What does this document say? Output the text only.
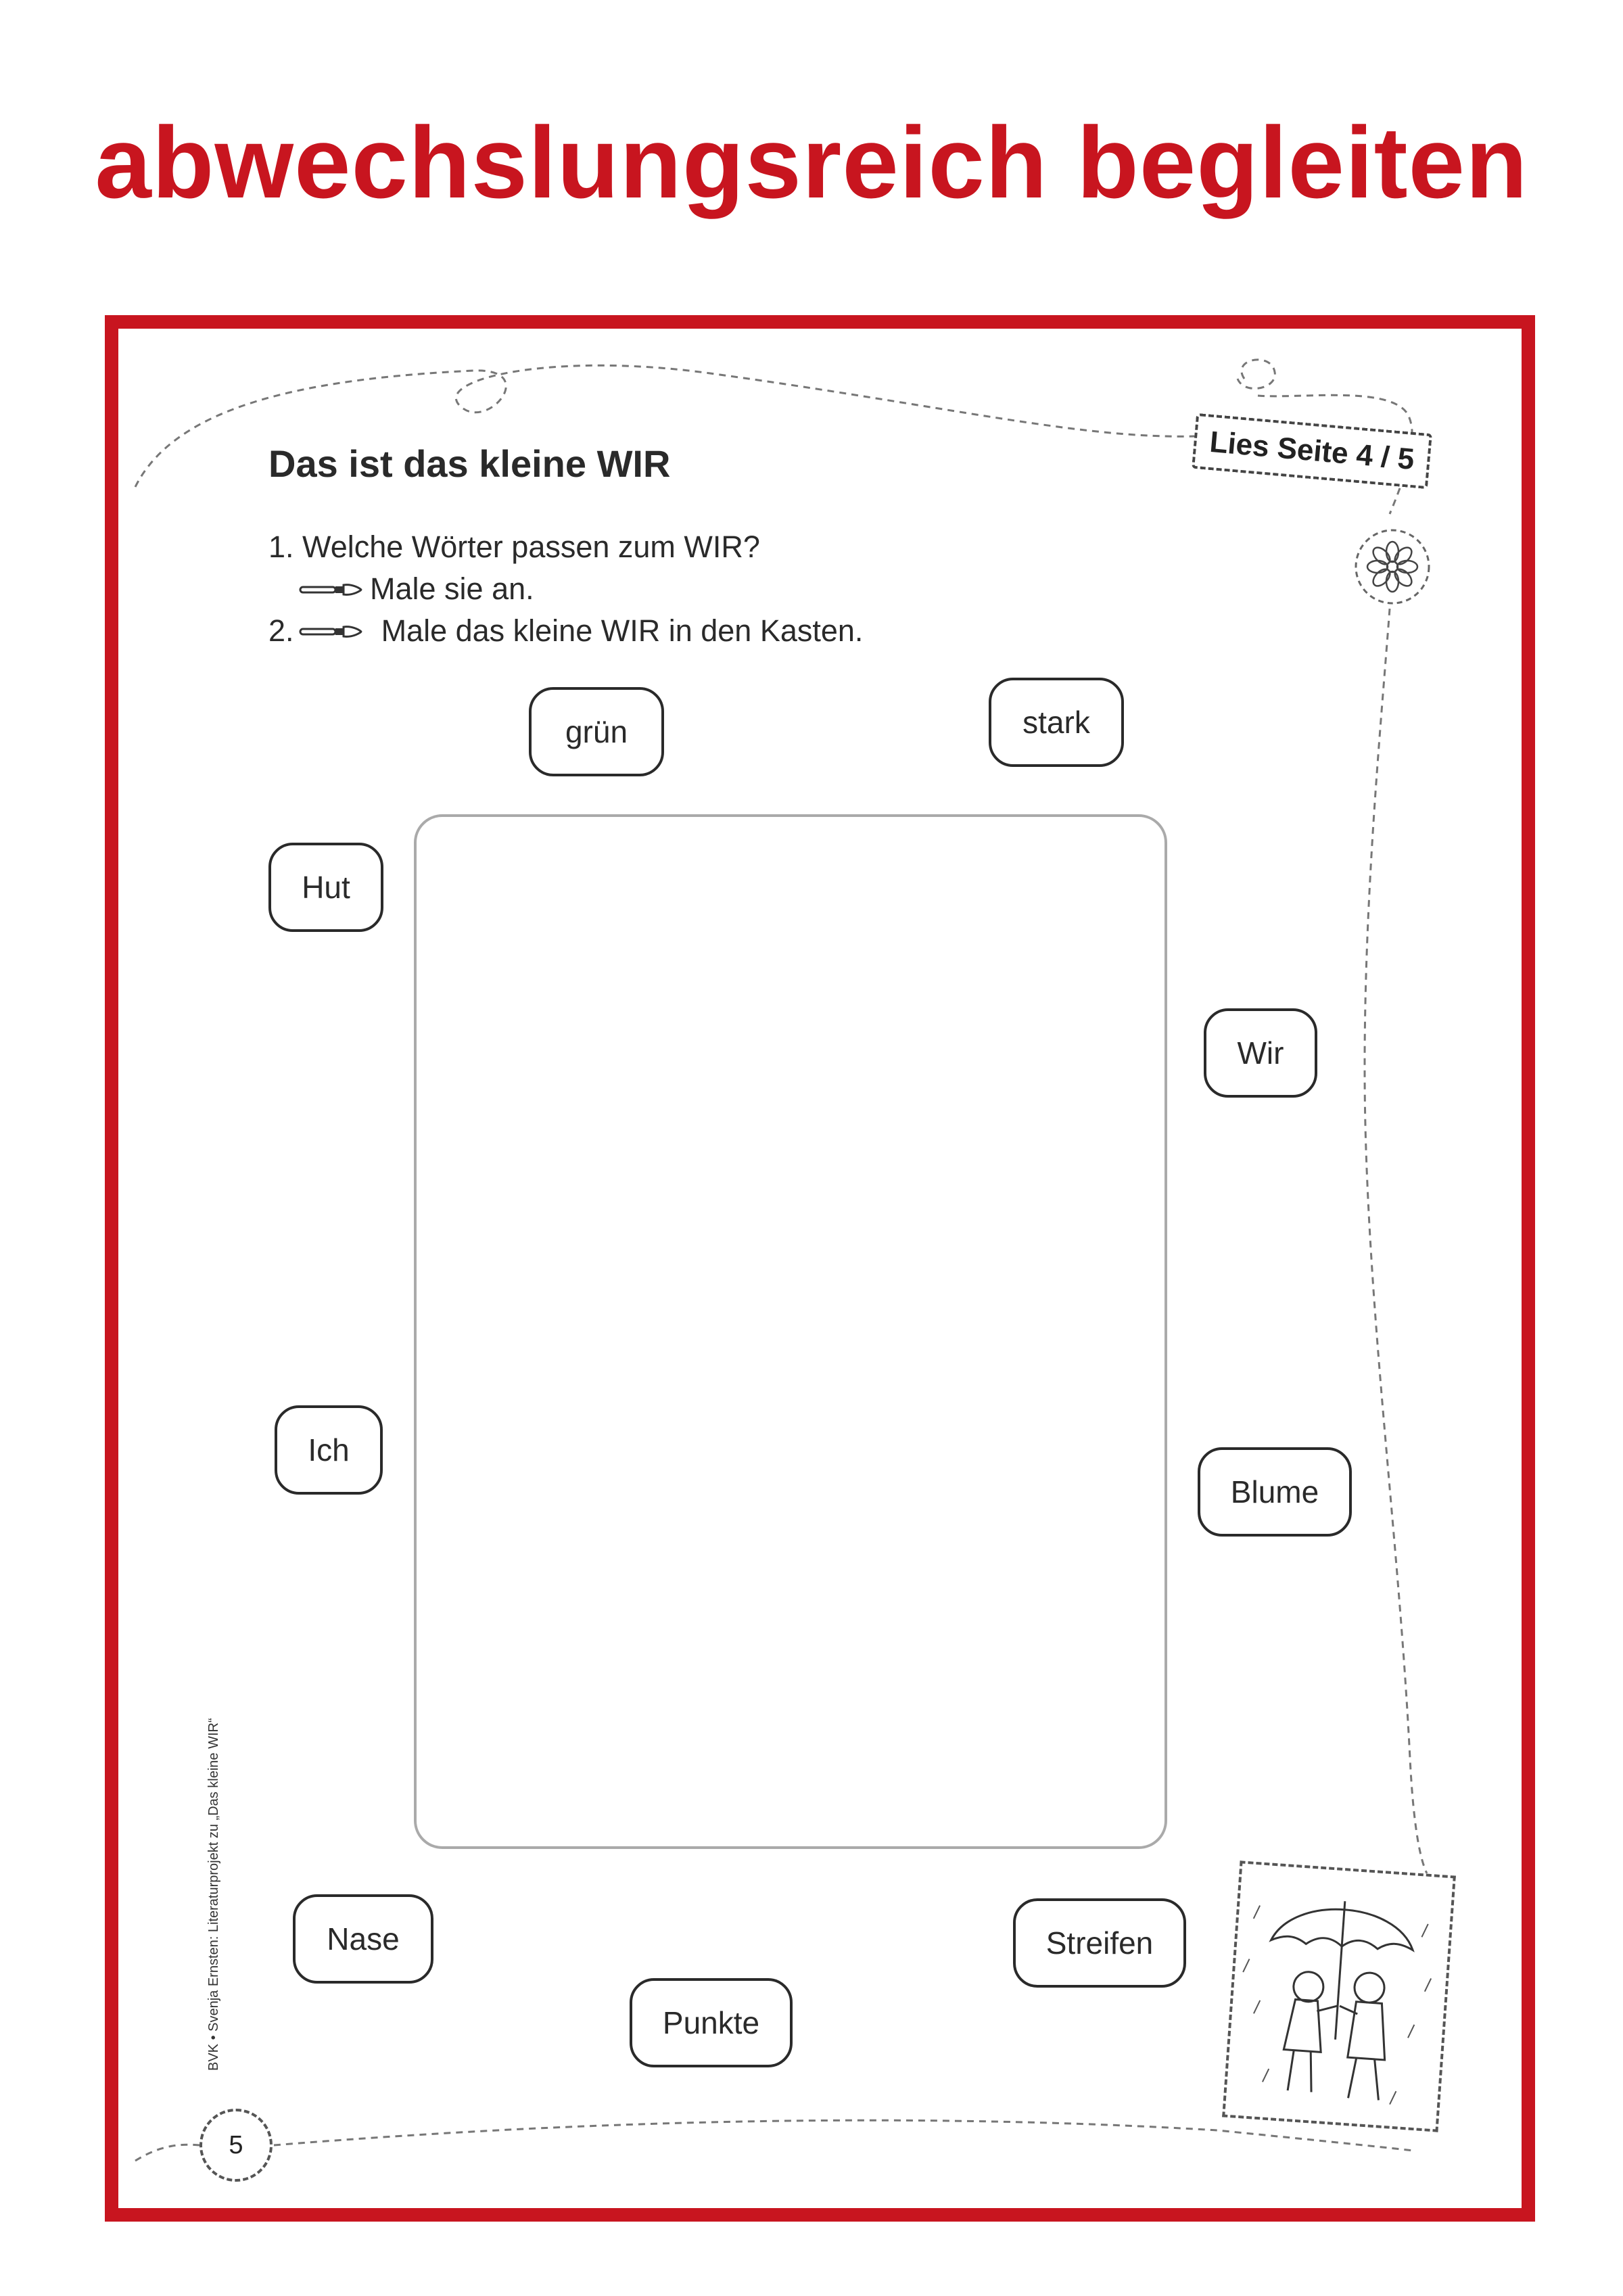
abwechslungsreich begleiten
Das ist das kleine WIR
1. Welche Wörter passen zum WIR?
Male sie an.
2.	Male das kleine WIR in den Kasten.
Lies Seite 4 / 5
grün	stark
Hut
Wir
Ich
Blume
Nase	Streifen
Punkte
BVK • Svenja Ernsten: Literaturprojekt zu „Das kleine WIR“
5
